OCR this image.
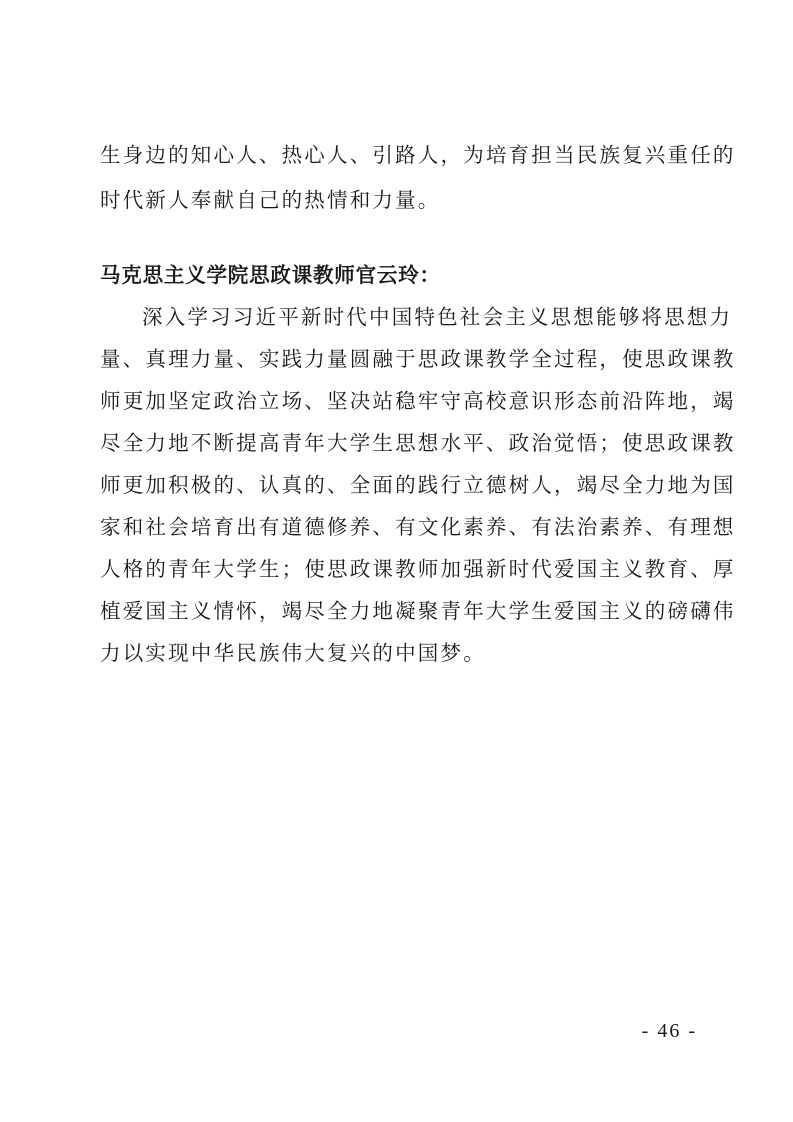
生身边的知心人、热心人、引路人，为培育担当民族复兴重任的
时代新人奉献自己的热情和力量。
马克思主义学院思政课教师官云玲：
深入学习习近平新时代中国特色社会主义思想能够将思想力
量、真理力量、实践力量圆融于思政课教学全过程，使思政课教
师更加坚定政治立场、坚决站稳牢守高校意识形态前沿阵地，竭
尽全力地不断提高青年大学生思想水平、政治觉悟；使思政课教
师更加积极的、认真的、全面的践行立德树人，竭尽全力地为国
家和社会培育出有道德修养、有文化素养、有法治素养、有理想
人格的青年大学生；使思政课教师加强新时代爱国主义教育、厚
植爱国主义情怀，竭尽全力地凝聚青年大学生爱国主义的磅礴伟
力以实现中华民族伟大复兴的中国梦。
- 46 -
